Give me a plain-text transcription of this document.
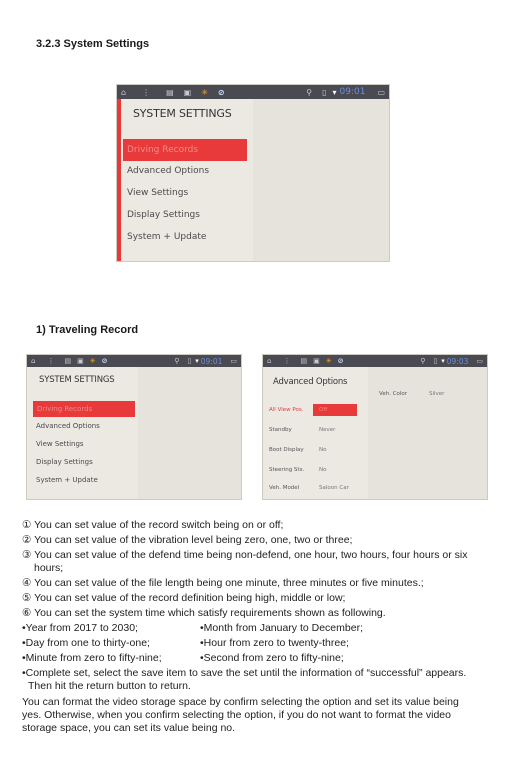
3.2.3 System Settings
⌂ ⋮ ▤ ▣ ✳ ⊘	⚲ ▯ ▾ 09:01 ▭
SYSTEM SETTINGS
Driving Records
Advanced Options
View Settings
Display Settings
System + Update
1) Traveling Record
⌂ ⋮ ▤ ▣ ✳ ⊘	⚲ ▯ ▾ 09:01 ▭
SYSTEM SETTINGS
Driving Records
Advanced Options
View Settings
Display Settings
System + Update
⌂ ⋮ ▤ ▣ ✳ ⊘	⚲ ▯ ▾ 09:03 ▭
Advanced Options
All View Pos.	Off
Standby	Never
Boot Display	No
Steering Sts.	No
Veh. Model	Saloon Car
Veh. Color	Silver
① You can set value of the record switch being on or off;
② You can set value of the vibration level being zero, one, two or three;
③ You can set value of the defend time being non-defend, one hour, two hours, four hours or six
hours;
④ You can set value of the file length being one minute, three minutes or five minutes.;
⑤ You can set value of the record definition being high, middle or low;
⑥ You can set the system time which satisfy requirements shown as following.
•Year from 2017 to 2030;	•Month from January to December;
•Day from one to thirty-one;	•Hour from zero to twenty-three;
•Minute from zero to fifty-nine;	•Second from zero to fifty-nine;
•Complete set, select the save item to save the set until the information of “successful” appears.
Then hit the return button to return.
You can format the video storage space by confirm selecting the option and set its value being
yes. Otherwise, when you confirm selecting the option, if you do not want to format the video
storage space, you can set its value being no.
